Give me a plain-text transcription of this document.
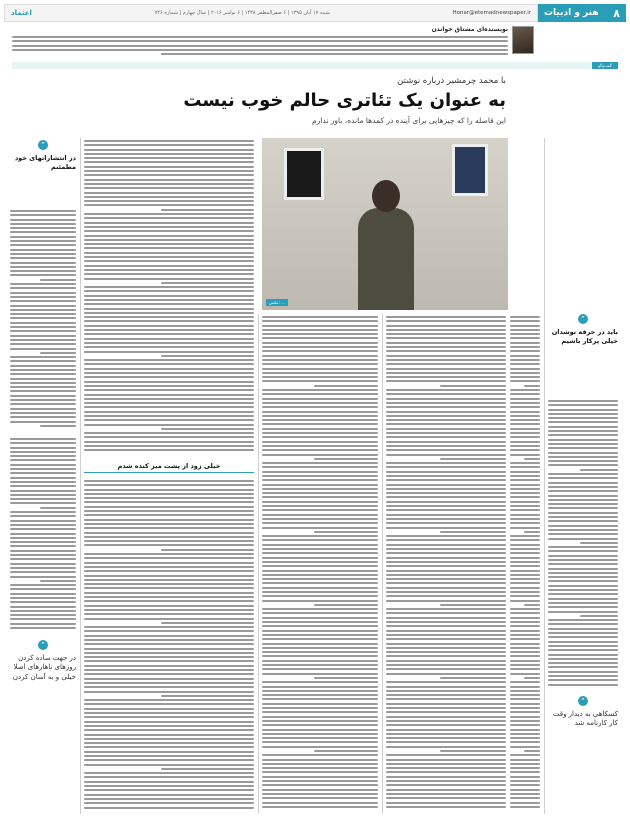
اعتماد	شنبه ۱۷ آبان ۱۳۹۵ | ۶ صفرالمظفر ۱۴۳۸ | ۶ نوامبر ۲۰۱۶ | سال چهارم | شماره ۷۴۶	Honar@etemadnewspaper.ir هنر و ادبیات ۸
نویسنده‌ای مشتاق خواندن
گفت‌وگو
با محمد چرمشیر درباره نوشتن
به عنوان یک تئاتری حالم خوب نیست
این فاصله را که چیزهایی برای آینده در کمدها مانده، باور ندارم
عکس: ...
”
باید در خرقه نوشدان خیلی پرکار باشیم
”
در انتشاراتهای خود مطمئنم
”
در جهت ساده کردن روزهای ناهارهای اصلا خیلی و به آسان کردن
”
کسکاهی به دیدار وقت کار کارنامه شد
خیلی زود از پشت میز کنده شدم
